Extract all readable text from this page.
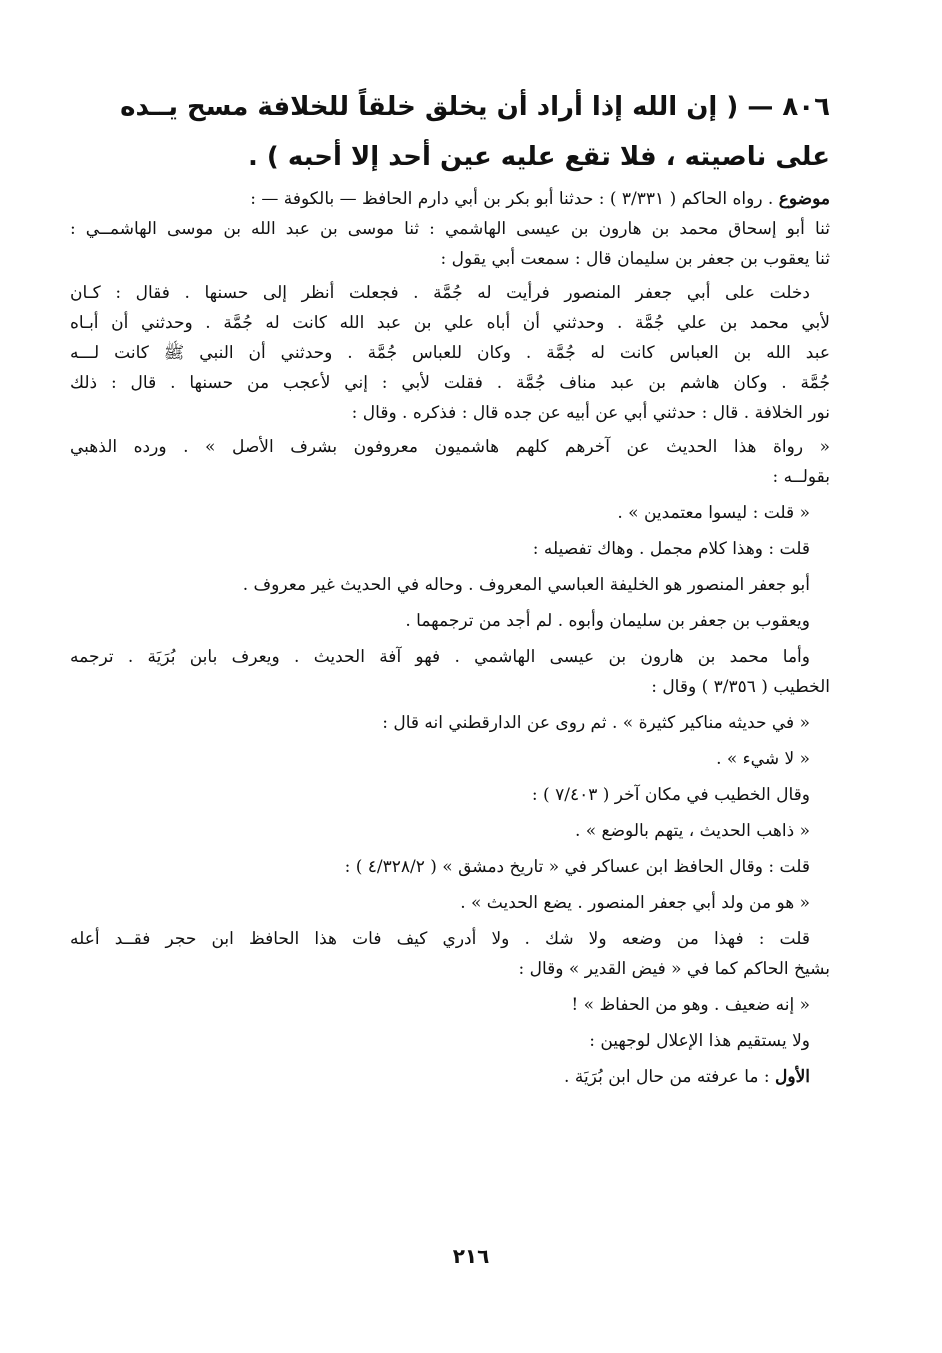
٨٠٦ — ( إن الله إذا أراد أن يخلق خلقاً للخلافة مسح يــده
على ناصيته ، فلا تقع عليه عين أحد إلا أحبه ) .
موضوع . رواه الحاكم ( ٣/٣٣١ ) : حدثنا أبو بكر بن أبي دارم الحافظ — بالكوفة — :
ثنا أبو إسحاق محمد بن هارون بن عيسى الهاشمي : ثنا موسى بن عبد الله بن موسى الهاشمــي :
ثنا يعقوب بن جعفر بن سليمان قال : سمعت أبي يقول :
دخلت على أبي جعفر المنصور فرأيت له جُمَّة . فجعلت أنظر إلى حسنها . فقال : كـان
لأبي محمد بن علي جُمَّة . وحدثني أن أباه علي بن عبد الله كانت له جُمَّة . وحدثني أن أبـاه
عبد الله بن العباس كانت له جُمَّة . وكان للعباس جُمَّة . وحدثني أن النبي ﷺ كانت لـــه
جُمَّة . وكان هاشم بن عبد مناف جُمَّة . فقلت لأبي : إني لأعجب من حسنها . قال : ذلك
نور الخلافة . قال : حدثني أبي عن أبيه عن جده قال : فذكره . وقال :
« رواة هذا الحديث عن آخرهم كلهم هاشميون معروفون بشرف الأصل » . ورده الذهبي
بقولــه :
« قلت : ليسوا معتمدين » .
قلت : وهذا كلام مجمل . وهاك تفصيله :
أبو جعفر المنصور هو الخليفة العباسي المعروف . وحاله في الحديث غير معروف .
ويعقوب بن جعفر بن سليمان وأبوه . لم أجد من ترجمهما .
وأما محمد بن هارون بن عيسى الهاشمي . فهو آفة الحديث . ويعرف بابن بُرَيَة . ترجمه
الخطيب ( ٣/٣٥٦ ) وقال :
« في حديثه مناكير كثيرة » . ثم روى عن الدارقطني انه قال :
« لا شيء » .
وقال الخطيب في مكان آخر ( ٧/٤٠٣ ) :
« ذاهب الحديث ، يتهم بالوضع » .
قلت : وقال الحافظ ابن عساكر في « تاريخ دمشق » ( ٤/٣٢٨/٢ ) :
« هو من ولد أبي جعفر المنصور . يضع الحديث » .
قلت : فهذا من وضعه ولا شك . ولا أدري كيف فات هذا الحافظ ابن حجر فقــد أعله
بشيخ الحاكم كما في « فيض القدير » وقال :
« إنه ضعيف . وهو من الحفاظ » !
ولا يستقيم هذا الإعلال لوجهين :
الأول : ما عرفته من حال ابن بُرَيَة .
٢١٦
